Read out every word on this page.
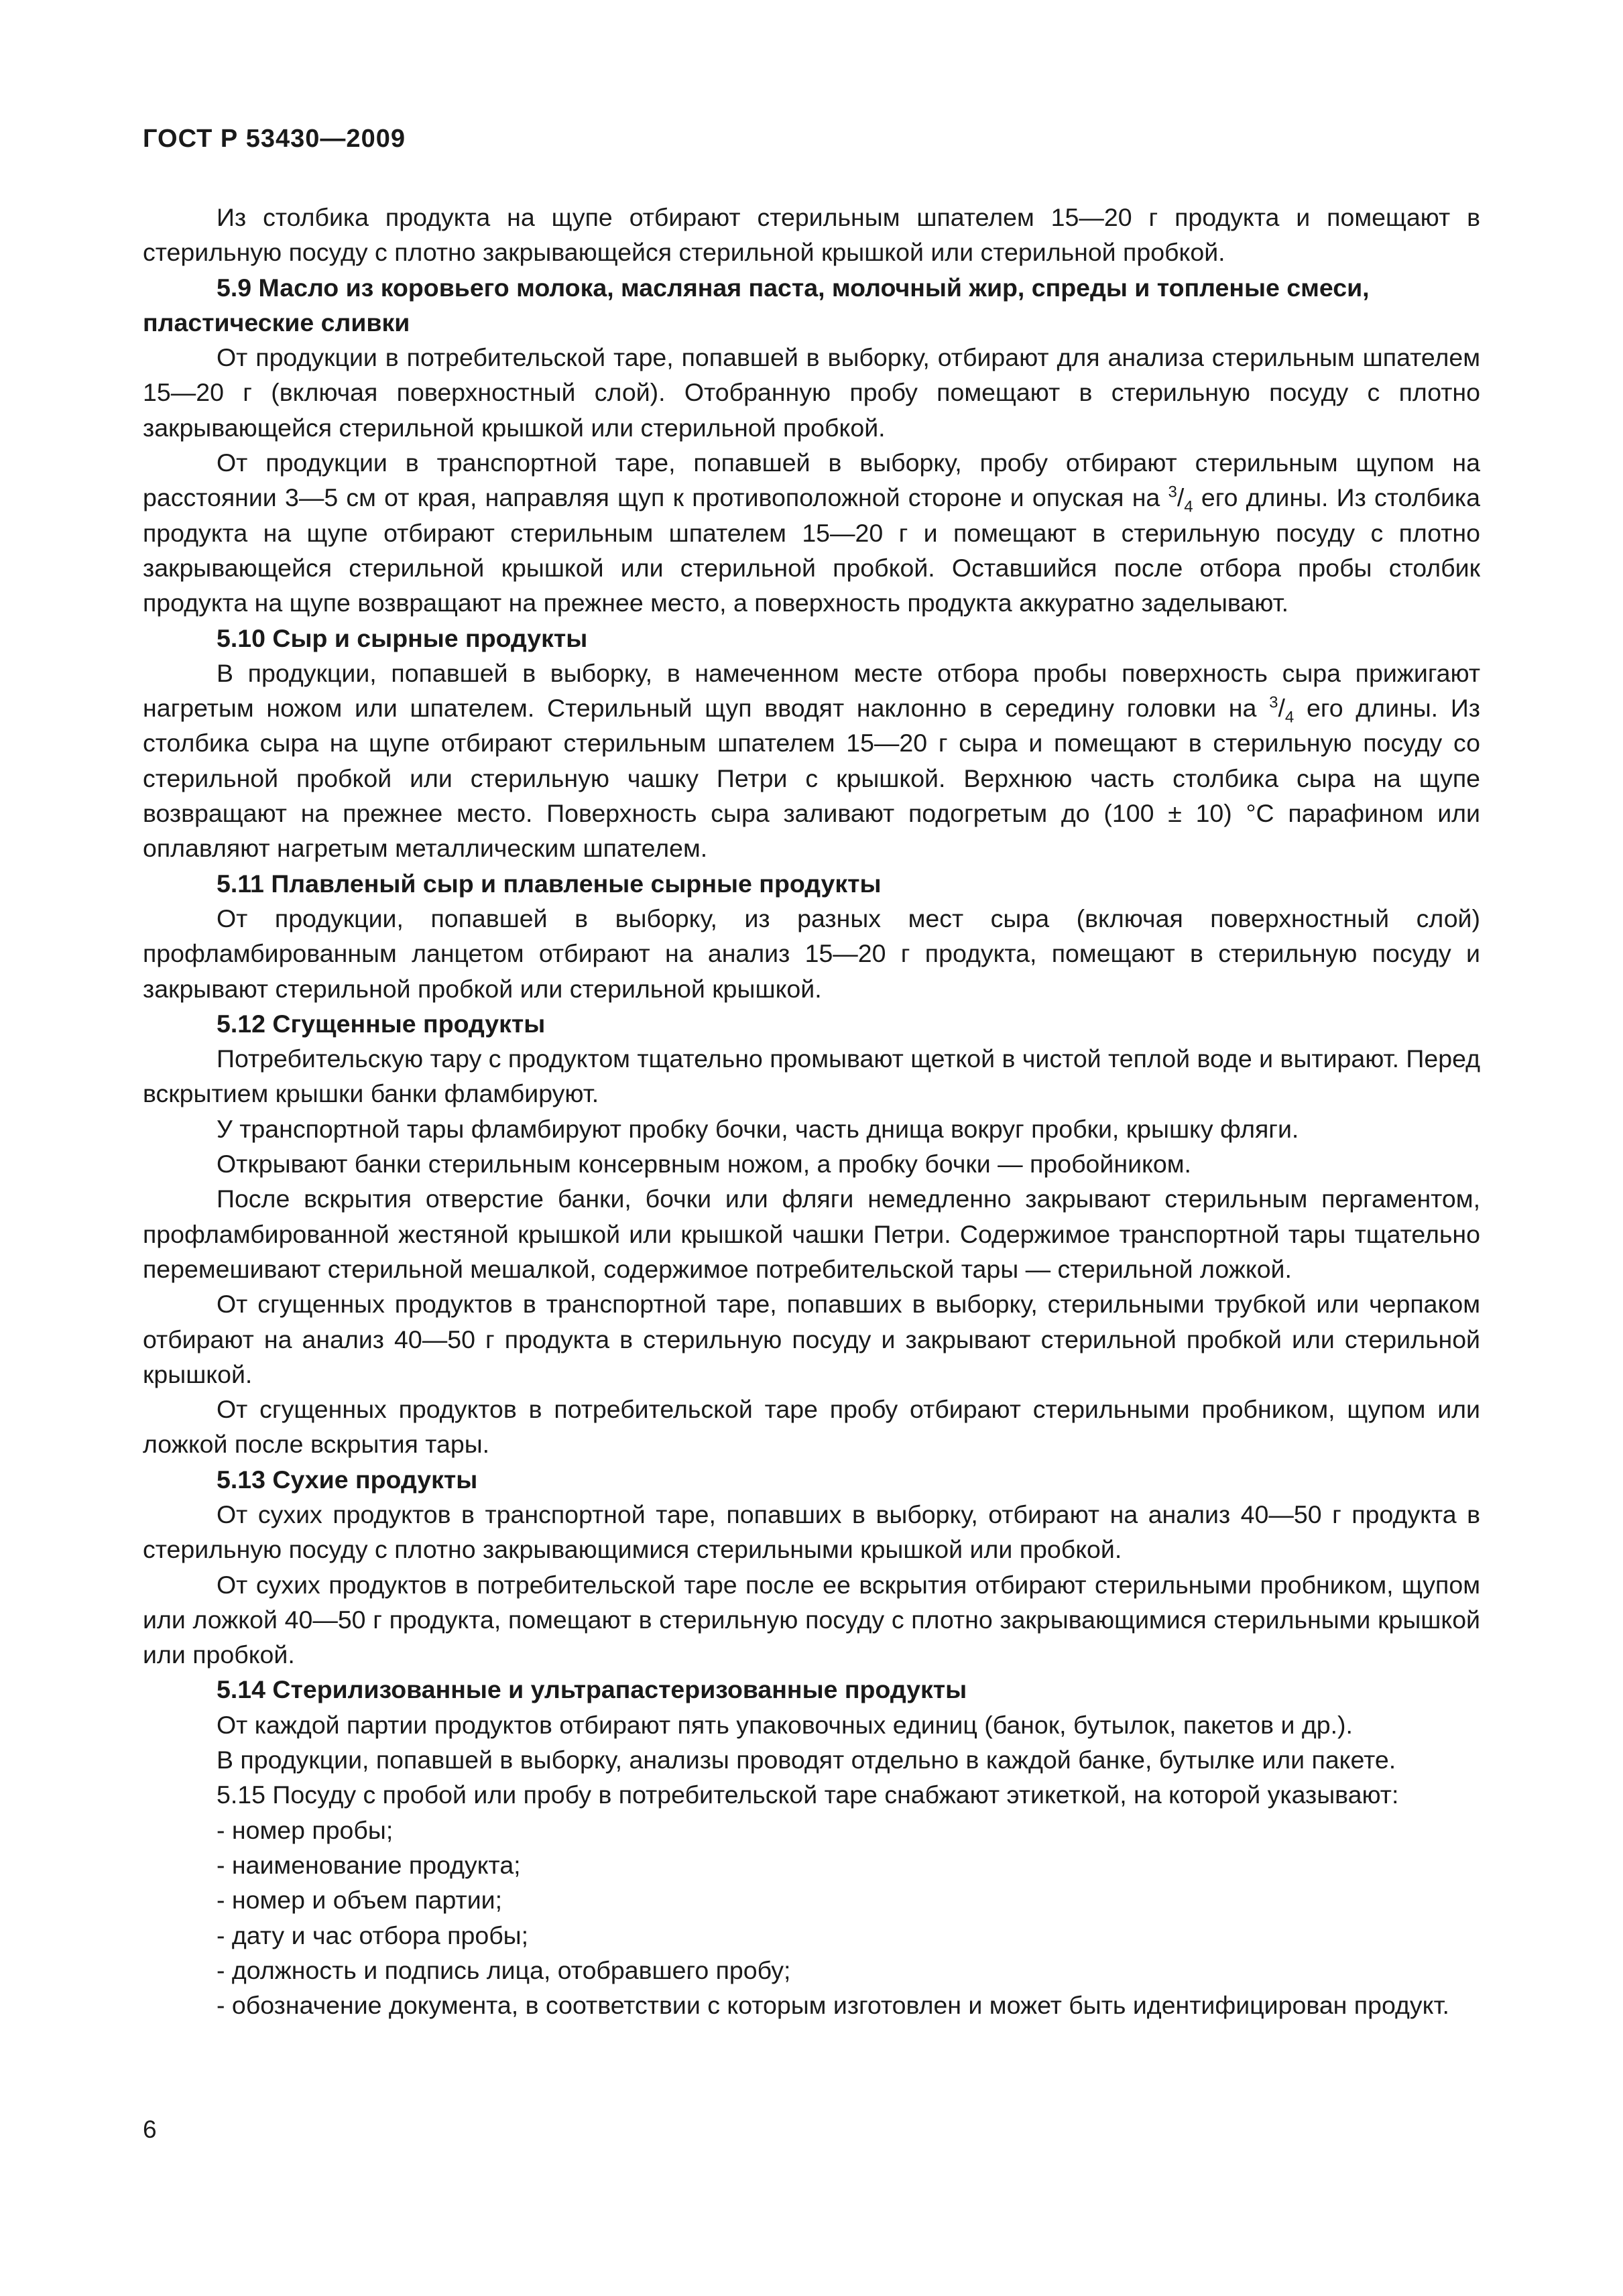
ГОСТ Р 53430—2009

Из столбика продукта на щупе отбирают стерильным шпателем 15—20 г продукта и помещают в стерильную посуду с плотно закрывающейся стерильной крышкой или стерильной пробкой.

5.9 Масло из коровьего молока, масляная паста, молочный жир, спреды и топленые смеси, пластические сливки

От продукции в потребительской таре, попавшей в выборку, отбирают для анализа стерильным шпателем 15—20 г (включая поверхностный слой). Отобранную пробу помещают в стерильную посуду с плотно закрывающейся стерильной крышкой или стерильной пробкой.

От продукции в транспортной таре, попавшей в выборку, пробу отбирают стерильным щупом на расстоянии 3—5 см от края, направляя щуп к противоположной стороне и опуская на $^3/_4$ его длины. Из столбика продукта на щупе отбирают стерильным шпателем 15—20 г и помещают в стерильную посуду с плотно закрывающейся стерильной крышкой или стерильной пробкой. Оставшийся после отбора пробы столбик продукта на щупе возвращают на прежнее место, а поверхность продукта аккуратно заделывают.

5.10 Сыр и сырные продукты

В продукции, попавшей в выборку, в намеченном месте отбора пробы поверхность сыра прижигают нагретым ножом или шпателем. Стерильный щуп вводят наклонно в середину головки на $^3/_4$ его длины. Из столбика сыра на щупе отбирают стерильным шпателем 15—20 г сыра и помещают в стерильную посуду со стерильной пробкой или стерильную чашку Петри с крышкой. Верхнюю часть столбика сыра на щупе возвращают на прежнее место. Поверхность сыра заливают подогретым до (100 ± 10) °С парафином или оплавляют нагретым металлическим шпателем.

5.11 Плавленый сыр и плавленые сырные продукты

От продукции, попавшей в выборку, из разных мест сыра (включая поверхностный слой) профламбированным ланцетом отбирают на анализ 15—20 г продукта, помещают в стерильную посуду и закрывают стерильной пробкой или стерильной крышкой.

5.12 Сгущенные продукты

Потребительскую тару с продуктом тщательно промывают щеткой в чистой теплой воде и вытирают. Перед вскрытием крышки банки фламбируют.

У транспортной тары фламбируют пробку бочки, часть днища вокруг пробки, крышку фляги.

Открывают банки стерильным консервным ножом, а пробку бочки — пробойником.

После вскрытия отверстие банки, бочки или фляги немедленно закрывают стерильным пергаментом, профламбированной жестяной крышкой или крышкой чашки Петри. Содержимое транспортной тары тщательно перемешивают стерильной мешалкой, содержимое потребительской тары — стерильной ложкой.

От сгущенных продуктов в транспортной таре, попавших в выборку, стерильными трубкой или черпаком отбирают на анализ 40—50 г продукта в стерильную посуду и закрывают стерильной пробкой или стерильной крышкой.

От сгущенных продуктов в потребительской таре пробу отбирают стерильными пробником, щупом или ложкой после вскрытия тары.

5.13 Сухие продукты

От сухих продуктов в транспортной таре, попавших в выборку, отбирают на анализ 40—50 г продукта в стерильную посуду с плотно закрывающимися стерильными крышкой или пробкой.

От сухих продуктов в потребительской таре после ее вскрытия отбирают стерильными пробником, щупом или ложкой 40—50 г продукта, помещают в стерильную посуду с плотно закрывающимися стерильными крышкой или пробкой.

5.14 Стерилизованные и ультрапастеризованные продукты

От каждой партии продуктов отбирают пять упаковочных единиц (банок, бутылок, пакетов и др.).

В продукции, попавшей в выборку, анализы проводят отдельно в каждой банке, бутылке или пакете.

5.15 Посуду с пробой или пробу в потребительской таре снабжают этикеткой, на которой указывают:

- номер пробы;

- наименование продукта;

- номер и объем партии;

- дату и час отбора пробы;

- должность и подпись лица, отобравшего пробу;

- обозначение документа, в соответствии с которым изготовлен и может быть идентифицирован продукт.

6
